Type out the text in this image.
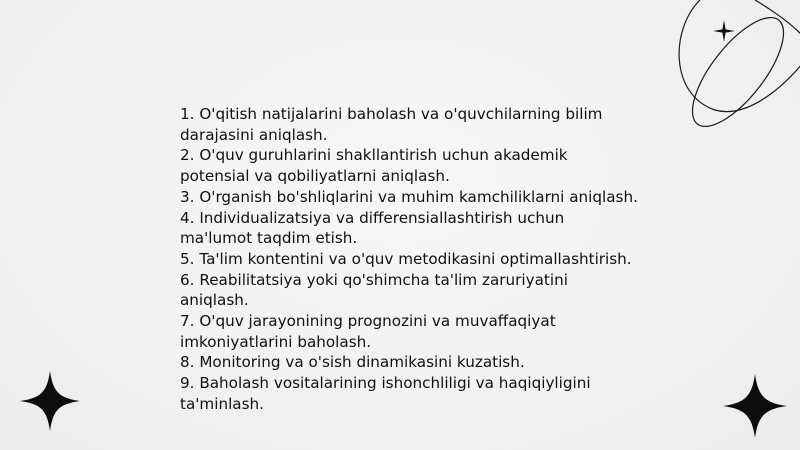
1. O'qitish natijalarini baholash va o'quvchilarning bilim darajasini aniqlash.

2. O'quv guruhlarini shakllantirish uchun akademik potensial va qobiliyatlarni aniqlash.

3. O'rganish bo'shliqlarini va muhim kamchiliklarni aniqlash.

4. Individualizatsiya va differensiallashtirish uchun ma'lumot taqdim etish.

5. Ta'lim kontentini va o'quv metodikasini optimallashtirish.

6. Reabilitatsiya yoki qo'shimcha ta'lim zaruriyatini aniqlash.

7. O'quv jarayonining prognozini va muvaffaqiyat imkoniyatlarini baholash.

8. Monitoring va o'sish dinamikasini kuzatish.

9. Baholash vositalarining ishonchliligi va haqiqiyligini ta'minlash.
